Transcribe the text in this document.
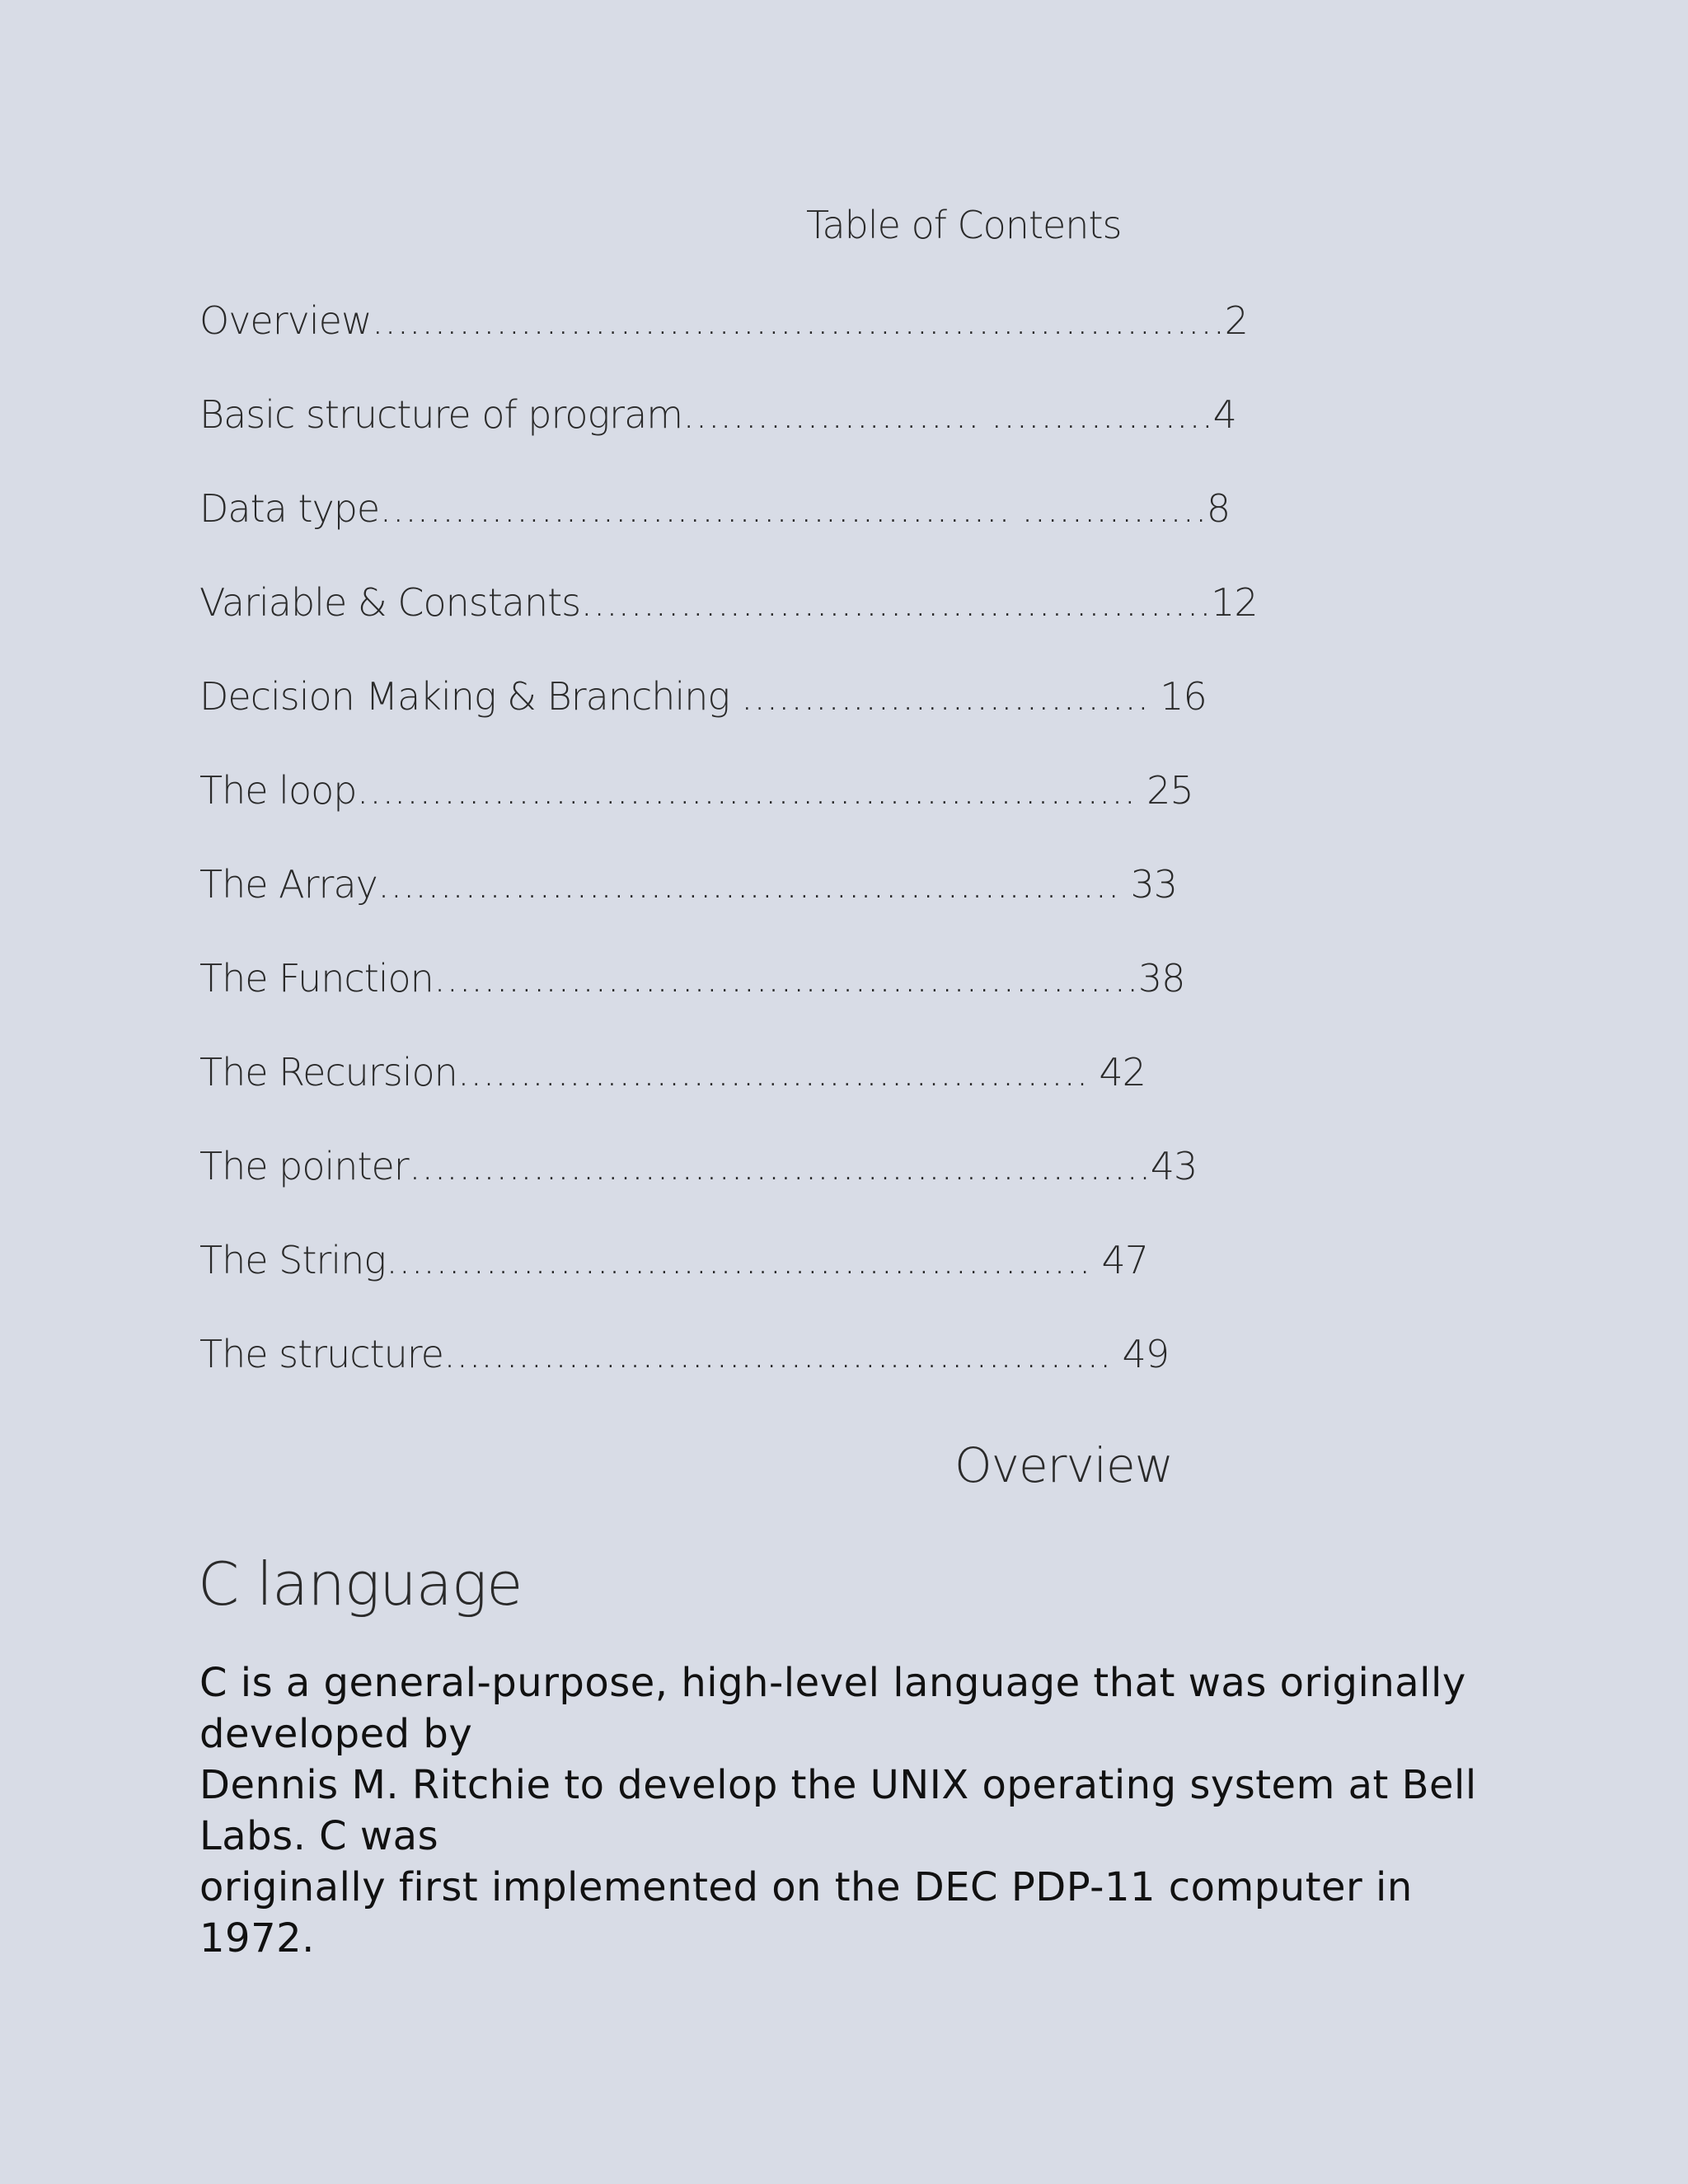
Table of Contents
Overview……………………………………………………………2
Basic structure of program…………………… ………………4
Data type…………………………………………… ……………8
Variable & Constants……………………………………………12
Decision Making & Branching …………………………… 16
The loop……………………………………………………… 25
The Array…………………………………………………… 33
The Function…………………………………………………38
The Recursion…………………………………………… 42
The pointer……………………………………………………43
The String………………………………………………… 47
The structure……………………………………………… 49
Overview
C language
C is a general-purpose, high-level language that was originally
developed by
Dennis M. Ritchie to develop the UNIX operating system at Bell
Labs. C was
originally first implemented on the DEC PDP-11 computer in
1972.
